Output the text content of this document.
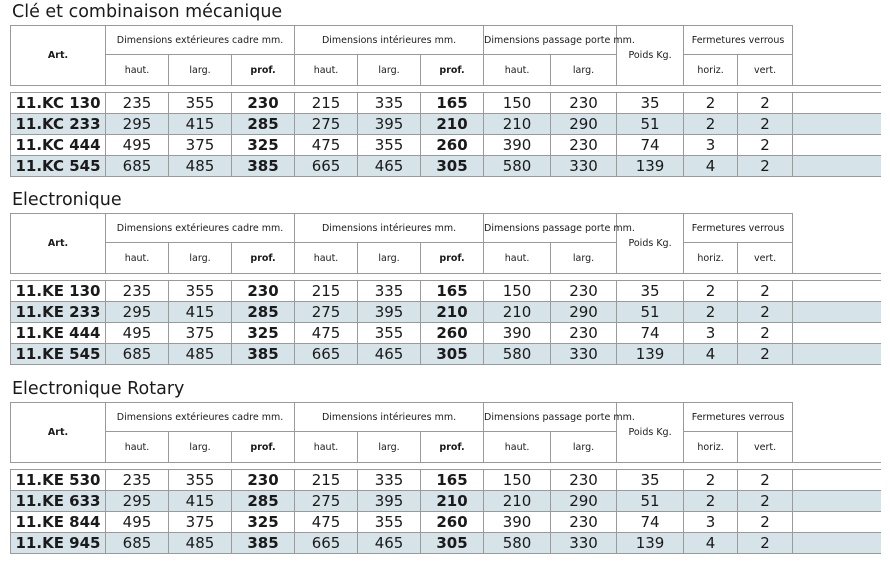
Clé et combinaison mécanique
Art.	Dimensions extérieures cadre mm.			Dimensions intérieures mm.			Dimensions passage porte mm.		Poids Kg.	Fermetures verrous		
	haut.	larg.	prof.	haut.	larg.	prof.	haut.	larg.		horiz.	vert.	

11.KC 130	235	355	230	215	335	165	150	230	35	2	2	
11.KC 233	295	415	285	275	395	210	210	290	51	2	2	
11.KC 444	495	375	325	475	355	260	390	230	74	3	2	
11.KC 545	685	485	385	665	465	305	580	330	139	4	2	
Electronique
Art.	Dimensions extérieures cadre mm.			Dimensions intérieures mm.			Dimensions passage porte mm.		Poids Kg.	Fermetures verrous		
	haut.	larg.	prof.	haut.	larg.	prof.	haut.	larg.		horiz.	vert.	

11.KE 130	235	355	230	215	335	165	150	230	35	2	2	
11.KE 233	295	415	285	275	395	210	210	290	51	2	2	
11.KE 444	495	375	325	475	355	260	390	230	74	3	2	
11.KE 545	685	485	385	665	465	305	580	330	139	4	2	
Electronique Rotary
Art.	Dimensions extérieures cadre mm.			Dimensions intérieures mm.			Dimensions passage porte mm.		Poids Kg.	Fermetures verrous		
	haut.	larg.	prof.	haut.	larg.	prof.	haut.	larg.		horiz.	vert.	

11.KE 530	235	355	230	215	335	165	150	230	35	2	2	
11.KE 633	295	415	285	275	395	210	210	290	51	2	2	
11.KE 844	495	375	325	475	355	260	390	230	74	3	2	
11.KE 945	685	485	385	665	465	305	580	330	139	4	2	
